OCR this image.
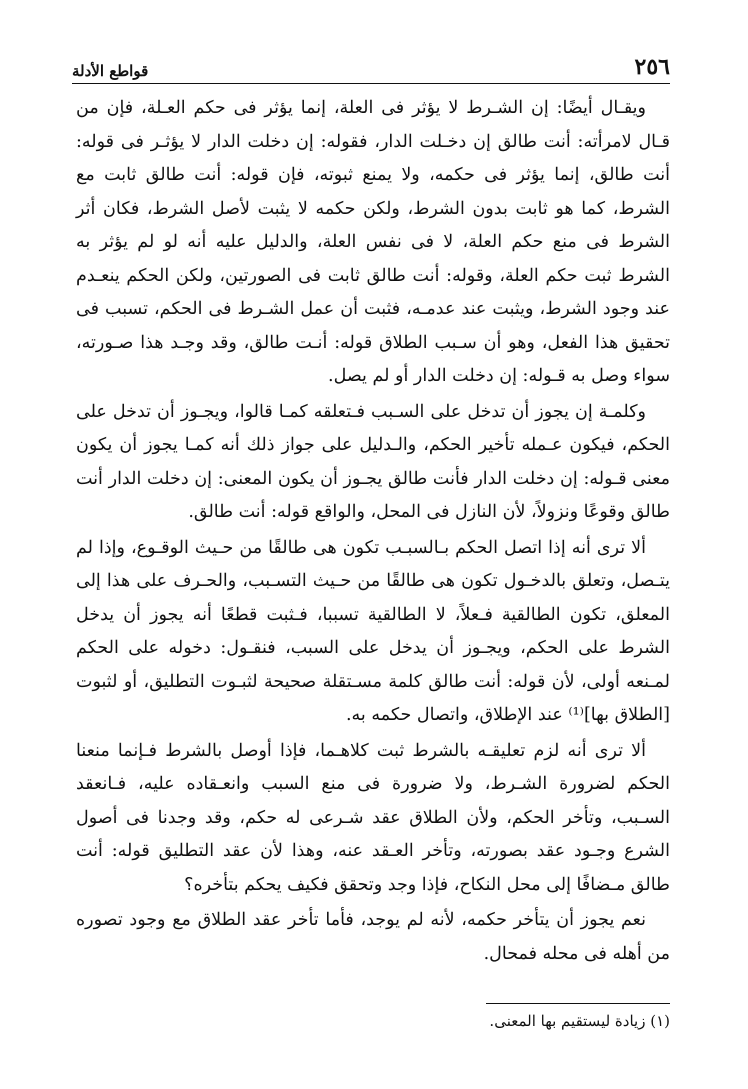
٢٥٦
قواطع الأدلة

ويقـال أيضًا: إن الشـرط لا يؤثر فى العلة، إنما يؤثر فى حكم العـلة، فإن من قـال لامرأته: أنت طالق إن دخـلت الدار، فقوله: إن دخلت الدار لا يؤثـر فى قوله: أنت طالق، إنما يؤثر فى حكمه، ولا يمنع ثبوته، فإن قوله: أنت طالق ثابت مع الشرط، كما هو ثابت بدون الشرط، ولكن حكمه لا يثبت لأصل الشرط، فكان أثر الشرط فى منع حكم العلة، لا فى نفس العلة، والدليل عليه أنه لو لم يؤثر به الشرط ثبت حكم العلة، وقوله: أنت طالق ثابت فى الصورتين، ولكن الحكم ينعـدم عند وجود الشرط، ويثبت عند عدمـه، فثبت أن عمل الشـرط فى الحكم، تسبب فى تحقيق هذا الفعل، وهو أن سـبب الطلاق قوله: أنـت طالق، وقد وجـد هذا صـورته، سواء وصل به قـوله: إن دخلت الدار أو لم يصل.

وكلمـة إن يجوز أن تدخل على السـبب فـتعلقه كمـا قالوا، ويجـوز أن تدخل على الحكم، فيكون عـمله تأخير الحكم، والـدليل على جواز ذلك أنه كمـا يجوز أن يكون معنى قـوله: إن دخلت الدار فأنت طالق يجـوز أن يكون المعنى: إن دخلت الدار أنت طالق وقوعًا ونزولاً، لأن النازل فى المحل، والواقع قوله: أنت طالق.

ألا ترى أنه إذا اتصل الحكم بـالسبـب تكون هى طالقًا من حـيث الوقـوع، وإذا لم يتـصل، وتعلق بالدخـول تكون هى طالقًا من حـيث التسـبب، والحـرف على هذا إلى المعلق، تكون الطالقية فـعلاً، لا الطالقية تسببا، فـثبت قطعًا أنه يجوز أن يدخل الشرط على الحكم، ويجـوز أن يدخل على السبب، فنقـول: دخوله على الحكم لمـنعه أولى، لأن قوله: أنت طالق كلمة مسـتقلة صحيحة لثبـوت التطليق، أو لثبوت [الطلاق بها]⁽¹⁾ عند الإطلاق، واتصال حكمه به.

ألا ترى أنه لزم تعليقـه بالشرط ثبت كلاهـما، فإذا أوصل بالشرط فـإنما منعنا الحكم لضرورة الشـرط، ولا ضرورة فى منع السبب وانعـقاده عليه، فـانعقد السـبب، وتأخر الحكم، ولأن الطلاق عقد شـرعى له حكم، وقد وجدنا فى أصول الشرع وجـود عقد بصورته، وتأخر العـقد عنه، وهذا لأن عقد التطليق قوله: أنت طالق مـضافًا إلى محل النكاح، فإذا وجد وتحقق فكيف يحكم بتأخره؟

نعم يجوز أن يتأخر حكمه، لأنه لم يوجد، فأما تأخر عقد الطلاق مع وجود تصوره من أهله فى محله فمحال.

(١) زيادة ليستقيم بها المعنى.
